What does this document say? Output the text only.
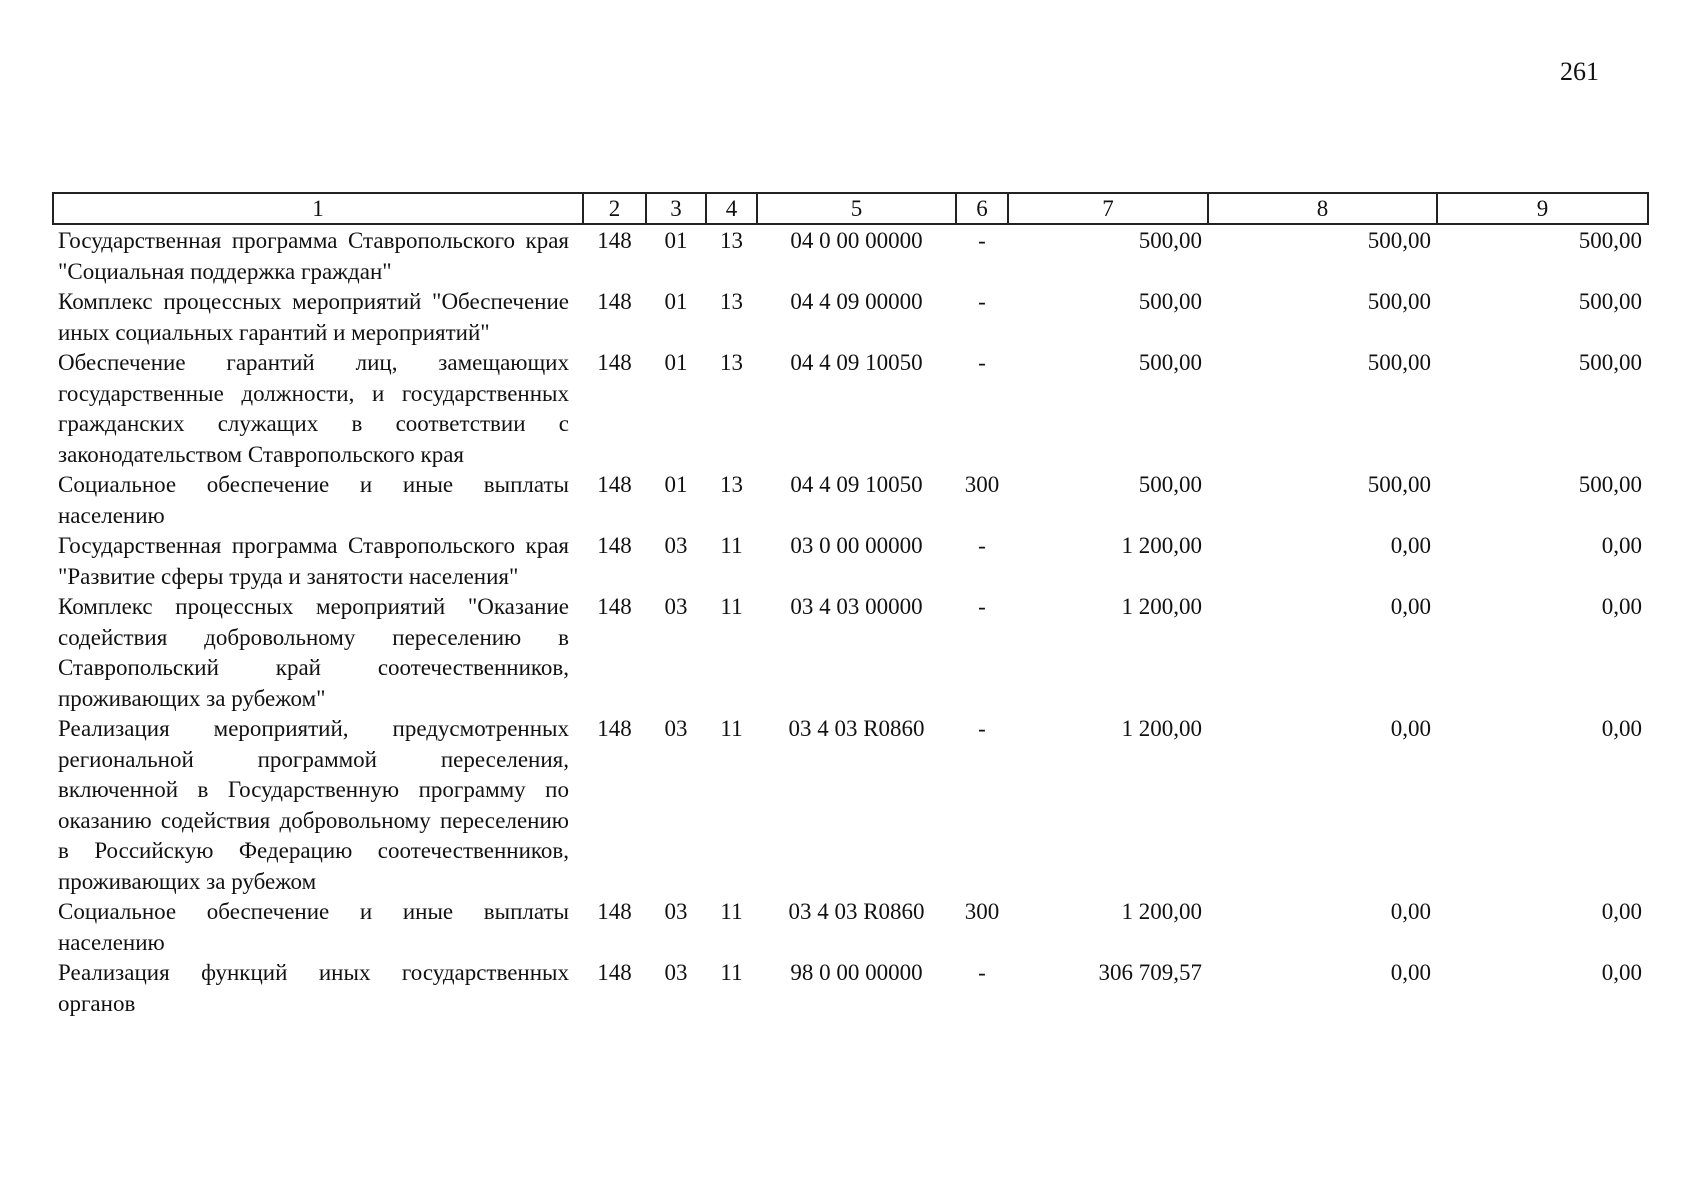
261
1	2	3	4	5	6	7	8	9
Государственная программа Ставропольского края "Социальная поддержка граждан"	148	01	13	04 0 00 00000	-	500,00	500,00	500,00
Комплекс процессных мероприятий "Обеспечение иных социальных гарантий и мероприятий"	148	01	13	04 4 09 00000	-	500,00	500,00	500,00
Обеспечение гарантий лиц, замещающих государственные должности, и государственных гражданских служащих в соответствии с законодательством Ставропольского края	148	01	13	04 4 09 10050	-	500,00	500,00	500,00
Социальное обеспечение и иные выплаты населению	148	01	13	04 4 09 10050	300	500,00	500,00	500,00
Государственная программа Ставропольского края "Развитие сферы труда и занятости населения"	148	03	11	03 0 00 00000	-	1 200,00	0,00	0,00
Комплекс процессных мероприятий "Оказание содействия добровольному переселению в Ставропольский край соотечественников, проживающих за рубежом"	148	03	11	03 4 03 00000	-	1 200,00	0,00	0,00
Реализация мероприятий, предусмотренных региональной программой переселения, включенной в Государственную программу по оказанию содействия добровольному переселению в Российскую Федерацию соотечественников, проживающих за рубежом	148	03	11	03 4 03 R0860	-	1 200,00	0,00	0,00
Социальное обеспечение и иные выплаты населению	148	03	11	03 4 03 R0860	300	1 200,00	0,00	0,00
Реализация функций иных государственных органов	148	03	11	98 0 00 00000	-	306 709,57	0,00	0,00
